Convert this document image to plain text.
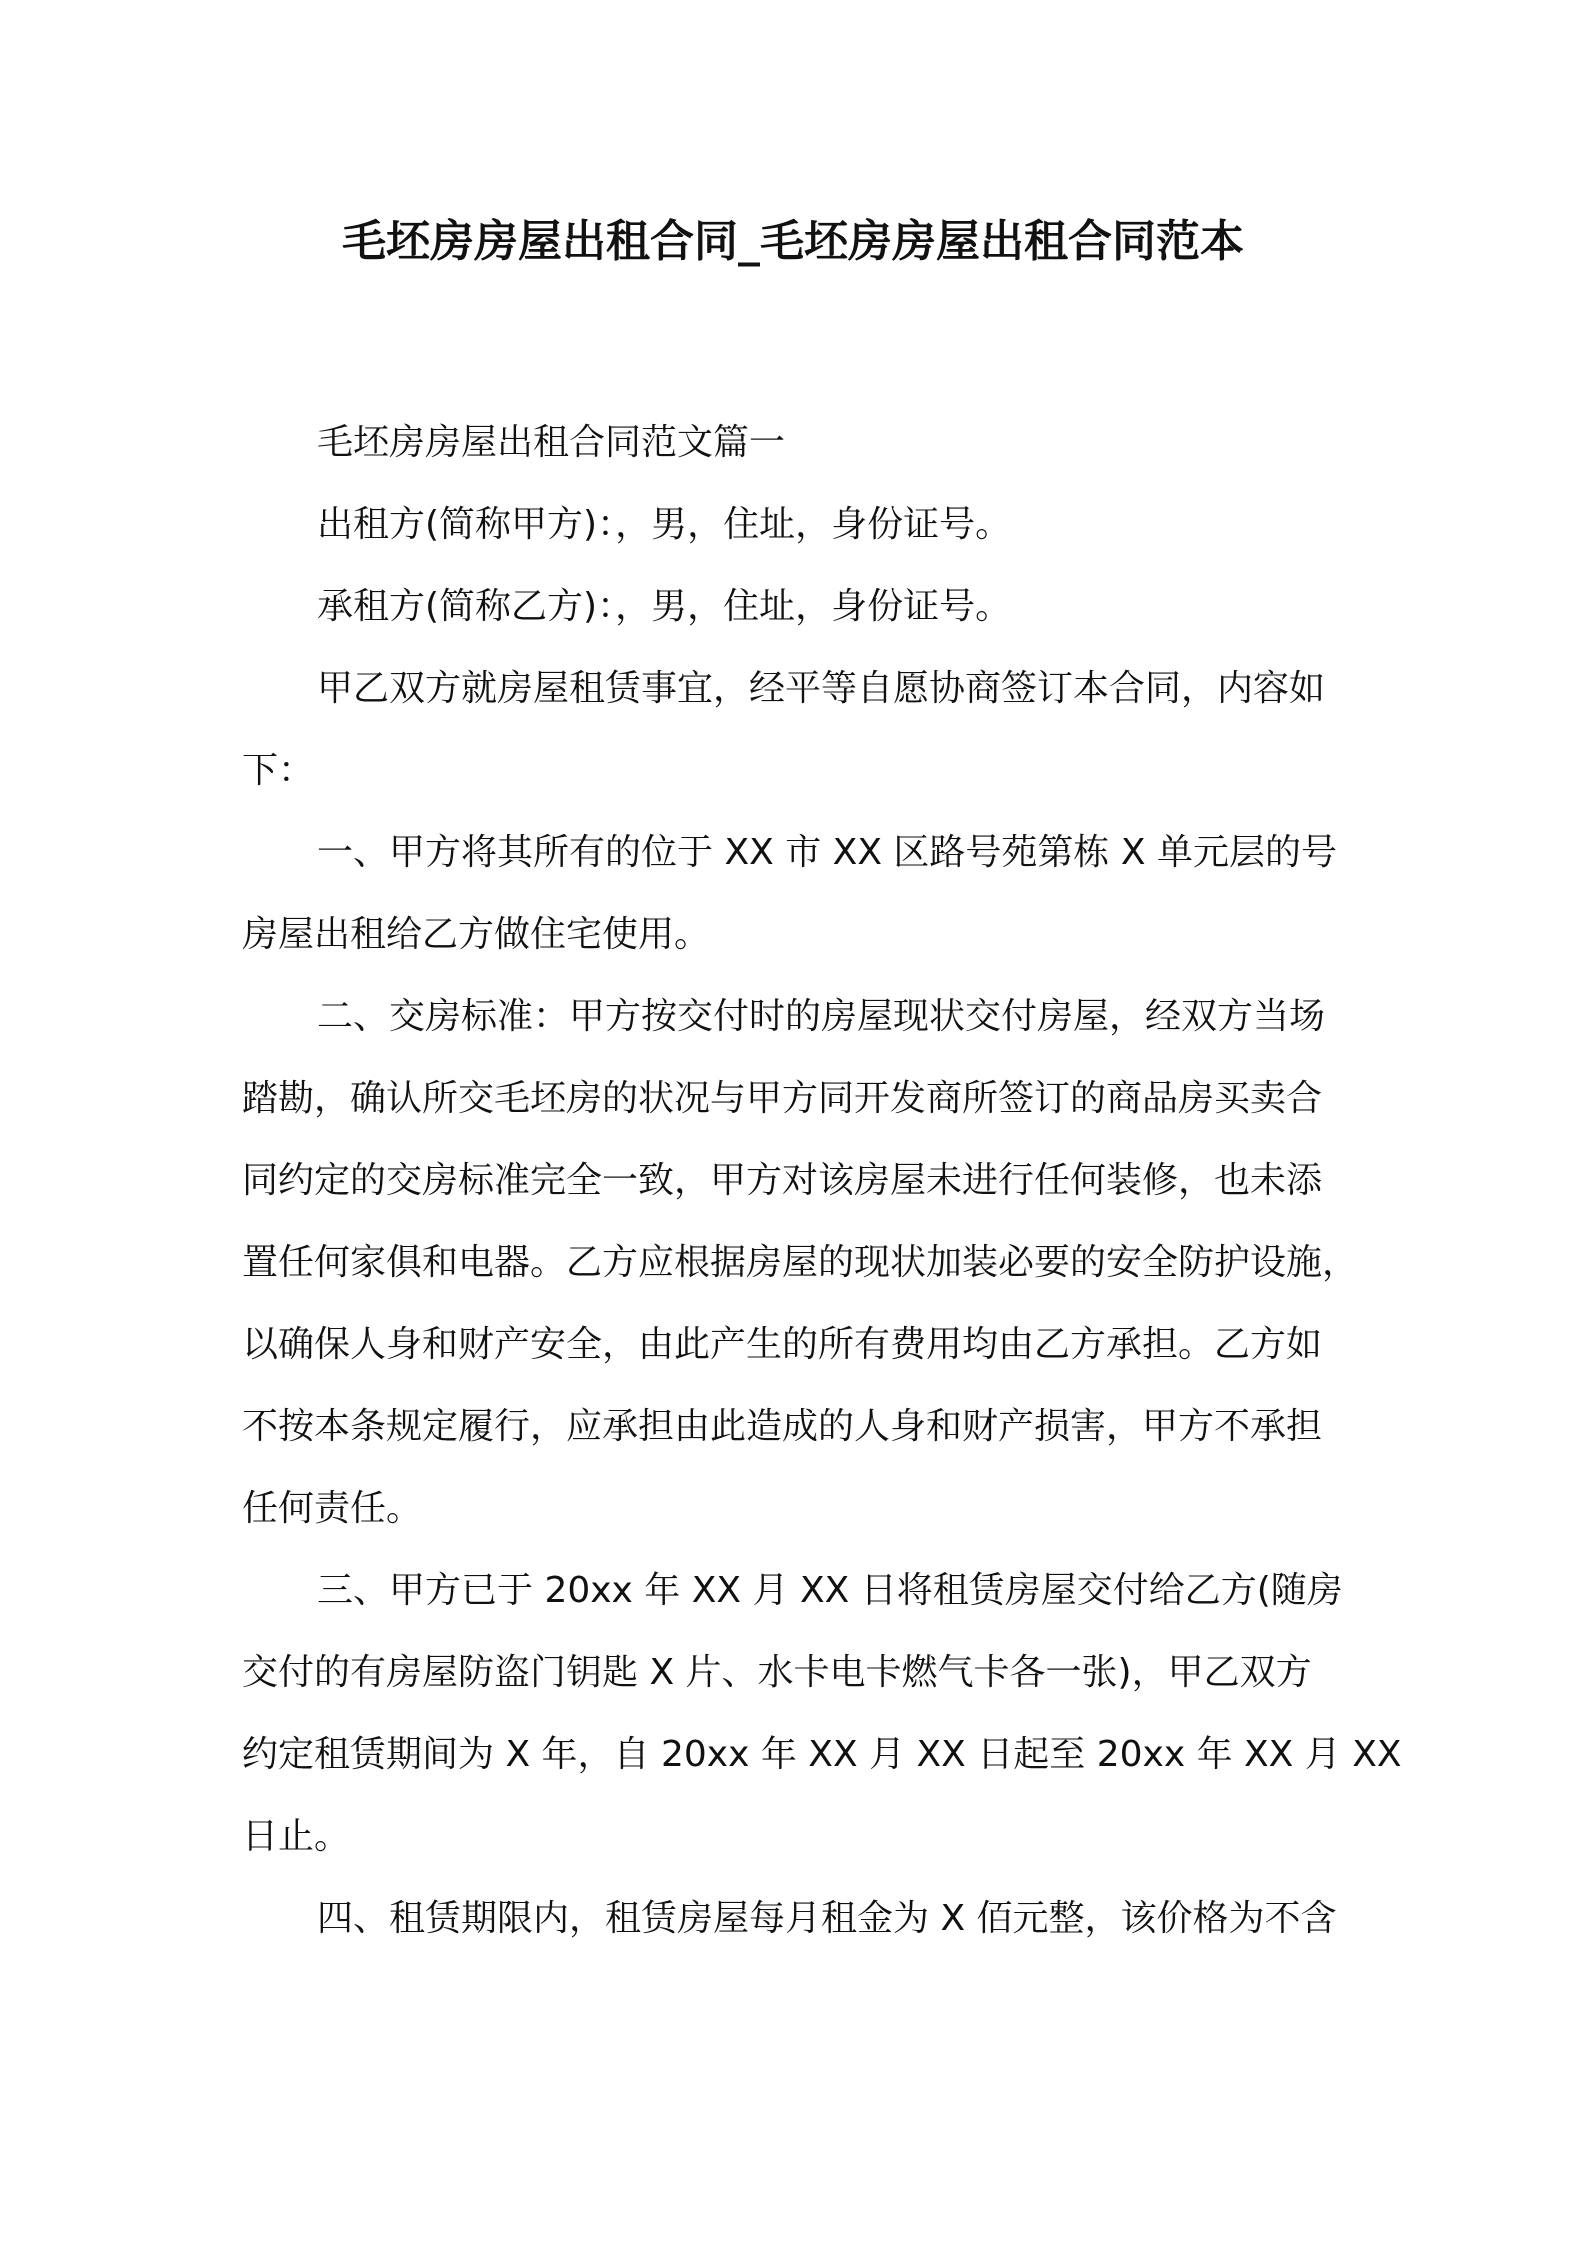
毛坯房房屋出租合同_毛坯房房屋出租合同范本
毛坯房房屋出租合同范文篇一
出租方(简称甲方)：，男，住址，身份证号。
承租方(简称乙方)：，男，住址，身份证号。
甲乙双方就房屋租赁事宜，经平等自愿协商签订本合同，内容如
下：
一、甲方将其所有的位于 XX 市 XX 区路号苑第栋 X 单元层的号
房屋出租给乙方做住宅使用。
二、交房标准：甲方按交付时的房屋现状交付房屋，经双方当场
踏勘，确认所交毛坯房的状况与甲方同开发商所签订的商品房买卖合
同约定的交房标准完全一致，甲方对该房屋未进行任何装修，也未添
置任何家俱和电器。乙方应根据房屋的现状加装必要的安全防护设施，
以确保人身和财产安全，由此产生的所有费用均由乙方承担。乙方如
不按本条规定履行，应承担由此造成的人身和财产损害，甲方不承担
任何责任。
三、甲方已于 20xx 年 XX 月 XX 日将租赁房屋交付给乙方(随房
交付的有房屋防盗门钥匙 X 片、水卡电卡燃气卡各一张)，甲乙双方
约定租赁期间为 X 年，自 20xx 年 XX 月 XX 日起至 20xx 年 XX 月 XX
日止。
四、租赁期限内，租赁房屋每月租金为 X 佰元整，该价格为不含
